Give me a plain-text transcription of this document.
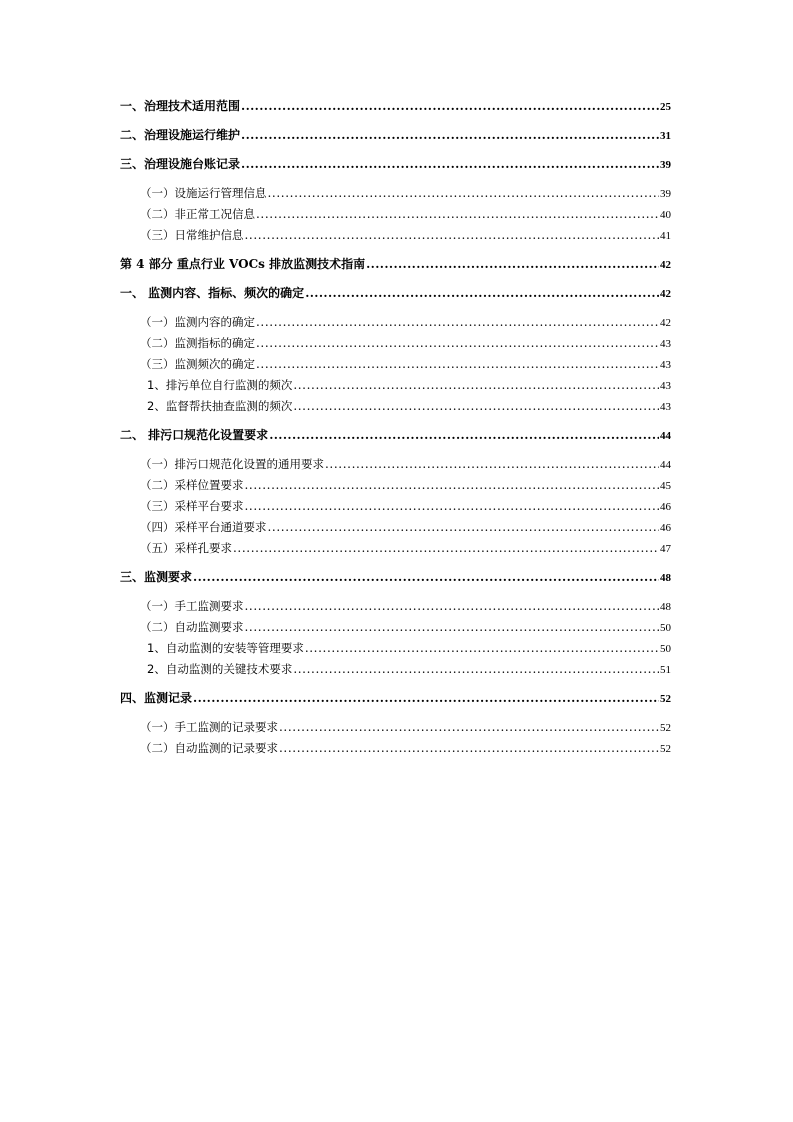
一、治理技术适用范围 . . .	25
二、治理设施运行维护 . . .	31
三、治理设施台账记录 . . .	39
（一）设施运行管理信息 . . .	39
（二）非正常工况信息 . . .	40
（三）日常维护信息 . . .	41
第 4 部分 重点行业 VOCs 排放监测技术指南 . . .	42
一、 监测内容、指标、频次的确定 . . .	42
（一）监测内容的确定 . . .	42
（二）监测指标的确定 . . .	43
（三）监测频次的确定 . . .	43
1、排污单位自行监测的频次 . . .	43
2、监督帮扶抽查监测的频次 . . .	43
二、 排污口规范化设置要求 . . .	44
（一）排污口规范化设置的通用要求 . . .	44
（二）采样位置要求 . . .	45
（三）采样平台要求 . . .	46
（四）采样平台通道要求 . . .	46
（五）采样孔要求 . . .	47
三、监测要求 . . .	48
（一）手工监测要求 . . .	48
（二）自动监测要求 . . .	50
1、自动监测的安装等管理要求 . . .	50
2、自动监测的关键技术要求 . . .	51
四、监测记录 . . .	52
（一）手工监测的记录要求 . . .	52
（二）自动监测的记录要求 . . .	52
